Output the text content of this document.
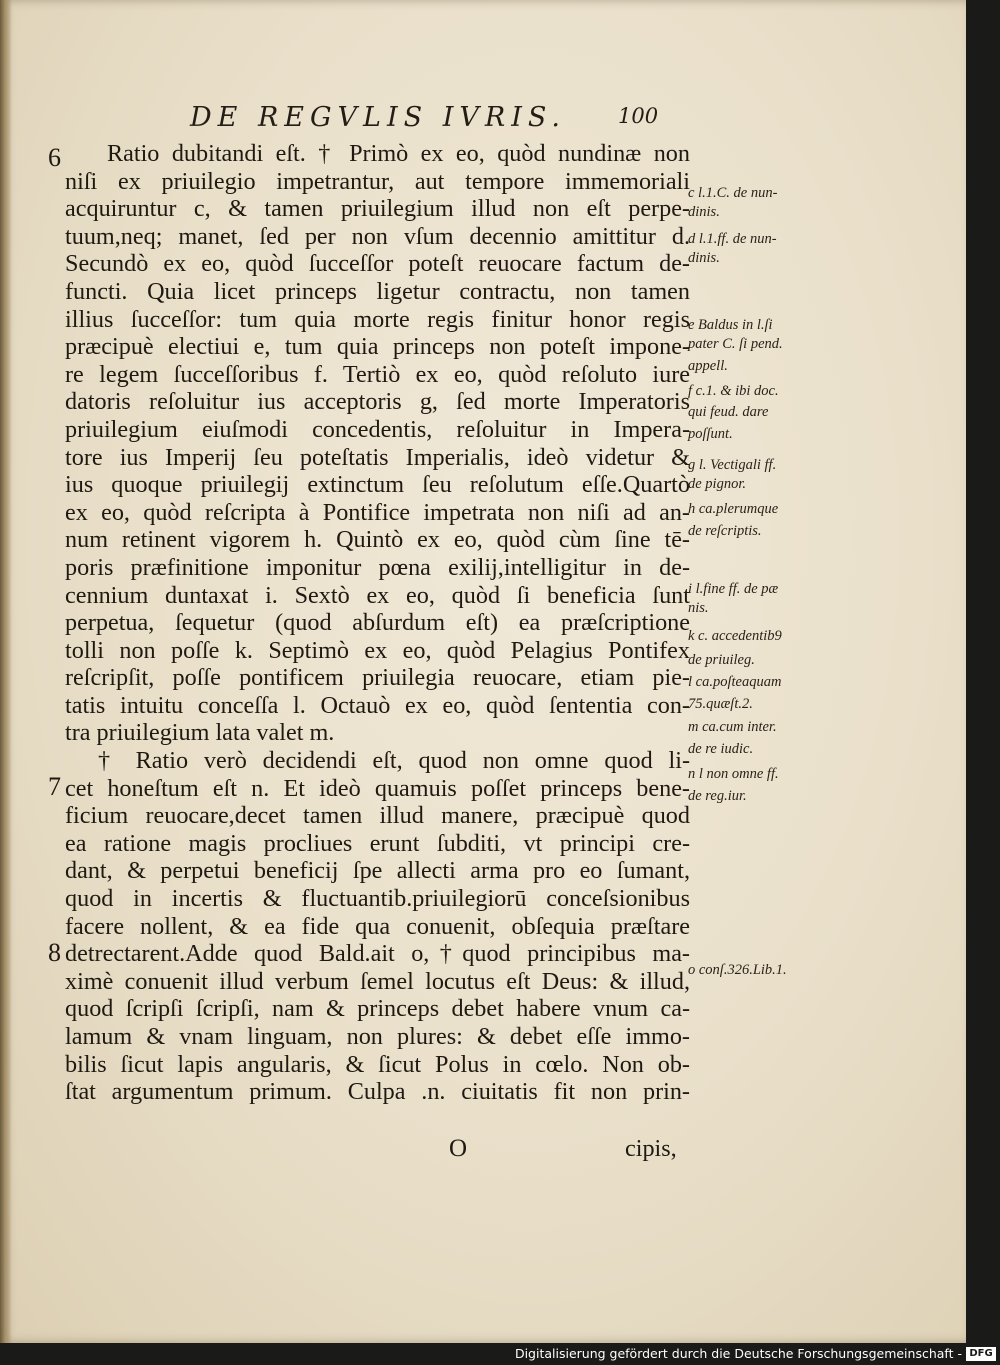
DE REGVLIS IVRIS. 100
6
7
8
Ratio dubitandi eſt. † Primò ex eo, quòd nundinæ non
niſi ex priuilegio impetrantur, aut tempore immemoriali
acquiruntur c, & tamen priuilegium illud non eſt perpe-
tuum,neq; manet, ſed per non vſum decennio amittitur d.
Secundò ex eo, quòd ſucceſſor poteſt reuocare factum de-
functi. Quia licet princeps ligetur contractu, non tamen
illius ſucceſſor: tum quia morte regis finitur honor regis
præcipuè electiui e, tum quia princeps non poteſt impone-
re legem ſucceſſoribus f. Tertiò ex eo, quòd reſoluto iure
datoris reſoluitur ius acceptoris g, ſed morte Imperatoris
priuilegium eiuſmodi concedentis, reſoluitur in Impera-
tore ius Imperij ſeu poteſtatis Imperialis, ideò videtur &
ius quoque priuilegij extinctum ſeu reſolutum eſſe.Quartò
ex eo, quòd reſcripta à Pontifice impetrata non niſi ad an-
num retinent vigorem h. Quintò ex eo, quòd cùm ſine tē-
poris præfinitione imponitur pœna exilij,intelligitur in de-
cennium duntaxat i. Sextò ex eo, quòd ſi beneficia ſunt
perpetua, ſequetur (quod abſurdum eſt) ea præſcriptione
tolli non poſſe k. Septimò ex eo, quòd Pelagius Pontifex
reſcripſit, poſſe pontificem priuilegia reuocare, etiam pie-
tatis intuitu conceſſa l. Octauò ex eo, quòd ſententia con-
tra priuilegium lata valet m.
† Ratio verò decidendi eſt, quod non omne quod li-
cet honeſtum eſt n. Et ideò quamuis poſſet princeps bene-
ficium reuocare,decet tamen illud manere, præcipuè quod
ea ratione magis procliues erunt ſubditi, vt principi cre-
dant, & perpetui beneficij ſpe allecti arma pro eo ſumant,
quod in incertis & fluctuantib.priuilegiorū conceſsionibus
facere nollent, & ea fide qua conuenit, obſequia præſtare
detrectarent.Adde quod Bald.ait o,†quod principibus ma-
ximè conuenit illud verbum ſemel locutus eſt Deus: & illud,
quod ſcripſi ſcripſi, nam & princeps debet habere vnum ca-
lamum & vnam linguam, non plures: & debet eſſe immo-
bilis ſicut lapis angularis, & ſicut Polus in cœlo. Non ob-
ſtat argumentum primum. Culpa .n. ciuitatis fit non prin-
O	cipis,
c l.1.C. de nun-
dinis.
d l.1.ff. de nun-
dinis.
e Baldus in l.ſi
pater C. ſi pend.
appell.
f c.1. & ibi doc.
qui feud. dare
poſſunt.
g l. Vectigali ff.
de pignor.
h ca.plerumque
de reſcriptis.
i l.fine ff. de pæ
nis.
k c. accedentib9
de priuileg.
l ca.poſteaquam
75.quæſt.2.
m ca.cum inter.
de re iudic.
n l non omne ff.
de reg.iur.
o conſ.326.Lib.1.
Digitalisierung gefördert durch die Deutsche Forschungsgemeinschaft - DFG
